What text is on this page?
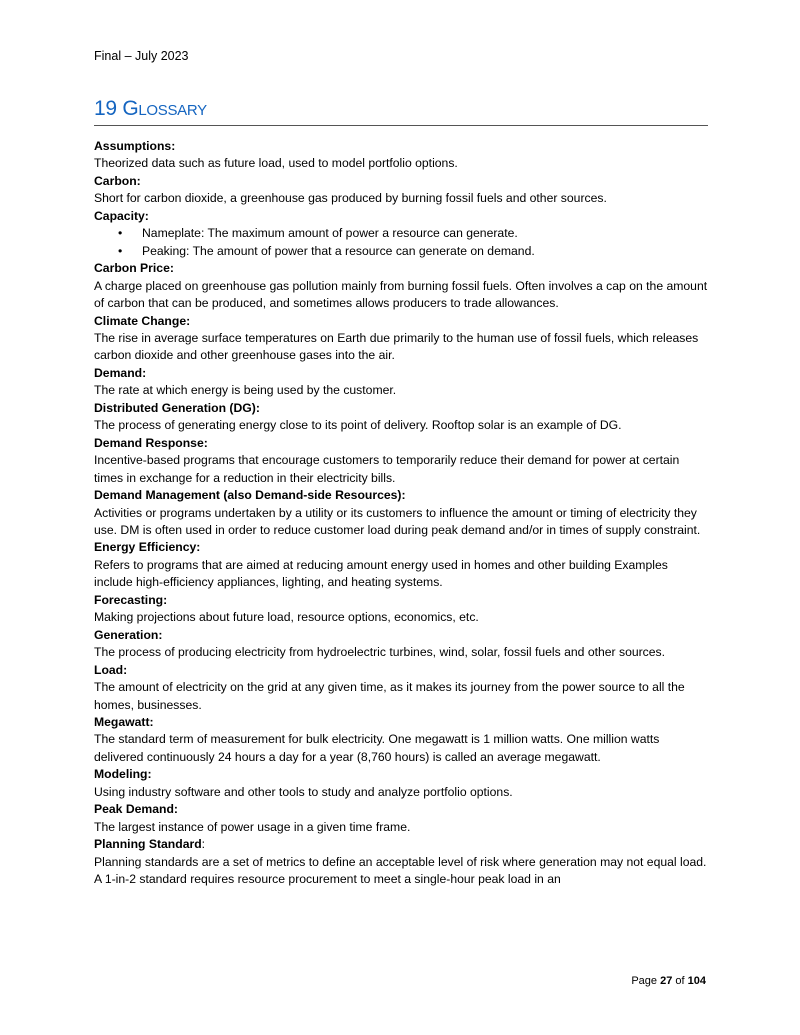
Final – July 2023
19 Glossary
Assumptions:
Theorized data such as future load, used to model portfolio options.
Carbon:
Short for carbon dioxide, a greenhouse gas produced by burning fossil fuels and other sources.
Capacity:
• Nameplate: The maximum amount of power a resource can generate.
• Peaking: The amount of power that a resource can generate on demand.
Carbon Price:
A charge placed on greenhouse gas pollution mainly from burning fossil fuels. Often involves a cap on the amount of carbon that can be produced, and sometimes allows producers to trade allowances.
Climate Change:
The rise in average surface temperatures on Earth due primarily to the human use of fossil fuels, which releases carbon dioxide and other greenhouse gases into the air.
Demand:
The rate at which energy is being used by the customer.
Distributed Generation (DG):
The process of generating energy close to its point of delivery. Rooftop solar is an example of DG.
Demand Response:
Incentive-based programs that encourage customers to temporarily reduce their demand for power at certain times in exchange for a reduction in their electricity bills.
Demand Management (also Demand-side Resources):
Activities or programs undertaken by a utility or its customers to influence the amount or timing of electricity they use. DM is often used in order to reduce customer load during peak demand and/or in times of supply constraint.
Energy Efficiency:
Refers to programs that are aimed at reducing amount energy used in homes and other building Examples include high-efficiency appliances, lighting, and heating systems.
Forecasting:
Making projections about future load, resource options, economics, etc.
Generation:
The process of producing electricity from hydroelectric turbines, wind, solar, fossil fuels and other sources.
Load:
The amount of electricity on the grid at any given time, as it makes its journey from the power source to all the homes, businesses.
Megawatt:
The standard term of measurement for bulk electricity. One megawatt is 1 million watts. One million watts delivered continuously 24 hours a day for a year (8,760 hours) is called an average megawatt.
Modeling:
Using industry software and other tools to study and analyze portfolio options.
Peak Demand:
The largest instance of power usage in a given time frame.
Planning Standard:
Planning standards are a set of metrics to define an acceptable level of risk where generation may not equal load. A 1-in-2 standard requires resource procurement to meet a single-hour peak load in an
Page 27 of 104
